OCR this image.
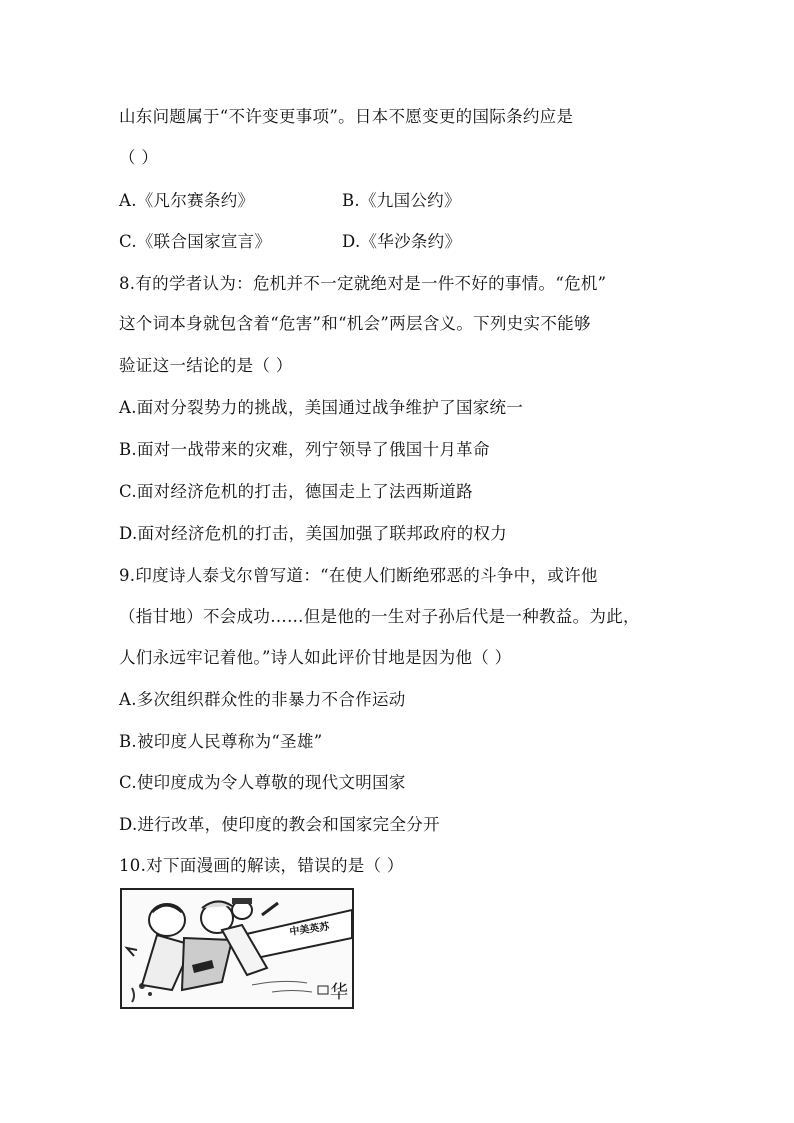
山东问题属于“不许变更事项”。日本不愿变更的国际条约应是
（ ）
A.《凡尔赛条约》	B.《九国公约》
C.《联合国家宣言》	D.《华沙条约》
8.有的学者认为：危机并不一定就绝对是一件不好的事情。“危机”
这个词本身就包含着“危害”和“机会”两层含义。下列史实不能够
验证这一结论的是（ ）
A.面对分裂势力的挑战，美国通过战争维护了国家统一
B.面对一战带来的灾难，列宁领导了俄国十月革命
C.面对经济危机的打击，德国走上了法西斯道路
D.面对经济危机的打击，美国加强了联邦政府的权力
9.印度诗人泰戈尔曾写道：“在使人们断绝邪恶的斗争中，或许他
（指甘地）不会成功……但是他的一生对子孙后代是一种教益。为此，
人们永远牢记着他。”诗人如此评价甘地是因为他（ ）
A.多次组织群众性的非暴力不合作运动
B.被印度人民尊称为“圣雄”
C.使印度成为令人尊敬的现代文明国家
D.进行改革，使印度的教会和国家完全分开
10.对下面漫画的解读，错误的是（ ）
中美英苏
华
